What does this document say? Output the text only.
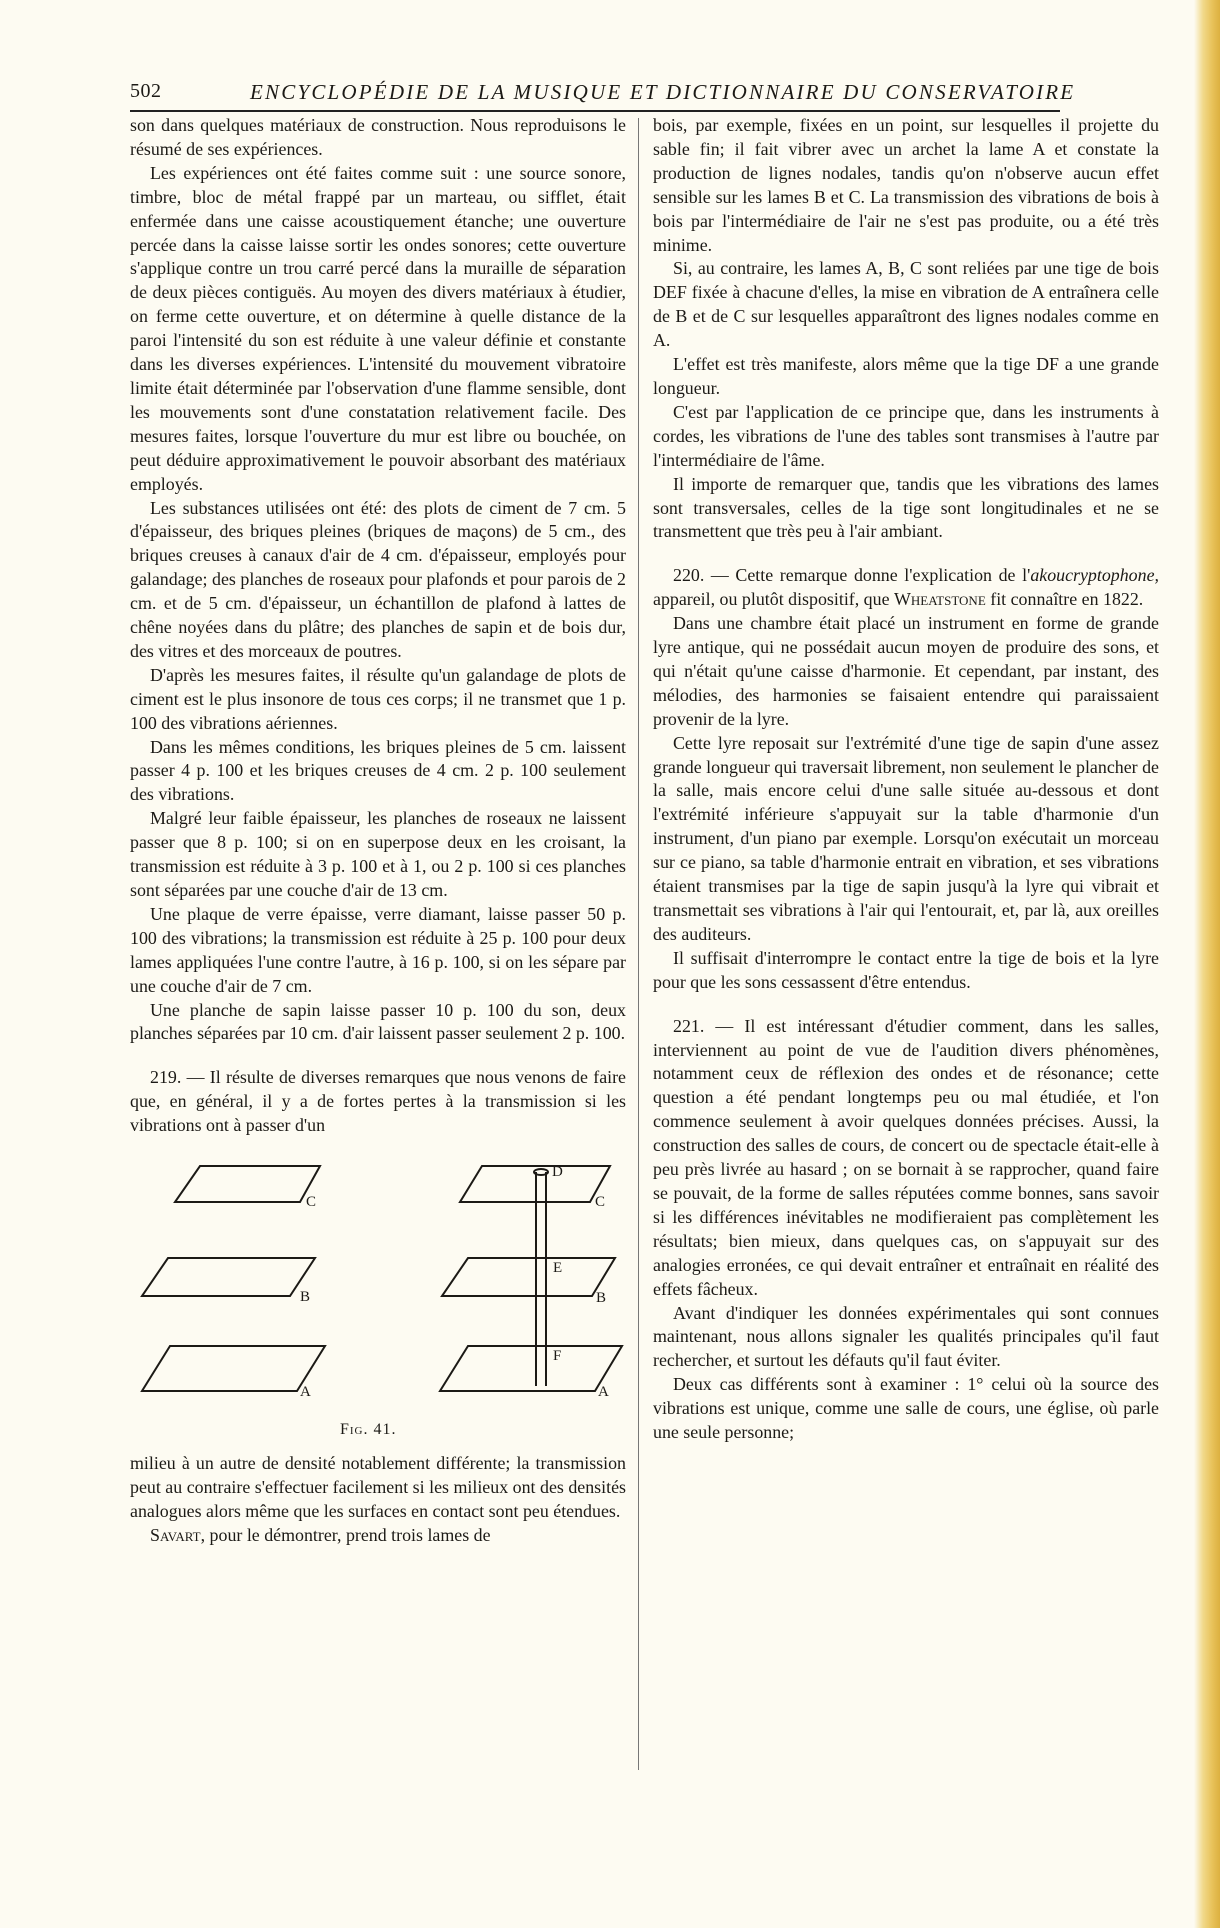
502	ENCYCLOPÉDIE DE LA MUSIQUE ET DICTIONNAIRE DU CONSERVATOIRE

son dans quelques matériaux de construction. Nous reproduisons le résumé de ses expériences.

Les expériences ont été faites comme suit : une source sonore, timbre, bloc de métal frappé par un marteau, ou sifflet, était enfermée dans une caisse acoustiquement étanche; une ouverture percée dans la caisse laisse sortir les ondes sonores; cette ouverture s'applique contre un trou carré percé dans la muraille de séparation de deux pièces contiguës. Au moyen des divers matériaux à étudier, on ferme cette ouverture, et on détermine à quelle distance de la paroi l'intensité du son est réduite à une valeur définie et constante dans les diverses expériences. L'intensité du mouvement vibratoire limite était déterminée par l'observation d'une flamme sensible, dont les mouvements sont d'une constatation relativement facile. Des mesures faites, lorsque l'ouverture du mur est libre ou bouchée, on peut déduire approximativement le pouvoir absorbant des matériaux employés.

Les substances utilisées ont été: des plots de ciment de 7 cm. 5 d'épaisseur, des briques pleines (briques de maçons) de 5 cm., des briques creuses à canaux d'air de 4 cm. d'épaisseur, employés pour galandage; des planches de roseaux pour plafonds et pour parois de 2 cm. et de 5 cm. d'épaisseur, un échantillon de plafond à lattes de chêne noyées dans du plâtre; des planches de sapin et de bois dur, des vitres et des morceaux de poutres.

D'après les mesures faites, il résulte qu'un galandage de plots de ciment est le plus insonore de tous ces corps; il ne transmet que 1 p. 100 des vibrations aériennes.

Dans les mêmes conditions, les briques pleines de 5 cm. laissent passer 4 p. 100 et les briques creuses de 4 cm. 2 p. 100 seulement des vibrations.

Malgré leur faible épaisseur, les planches de roseaux ne laissent passer que 8 p. 100; si on en superpose deux en les croisant, la transmission est réduite à 3 p. 100 et à 1, ou 2 p. 100 si ces planches sont séparées par une couche d'air de 13 cm.

Une plaque de verre épaisse, verre diamant, laisse passer 50 p. 100 des vibrations; la transmission est réduite à 25 p. 100 pour deux lames appliquées l'une contre l'autre, à 16 p. 100, si on les sépare par une couche d'air de 7 cm.

Une planche de sapin laisse passer 10 p. 100 du son, deux planches séparées par 10 cm. d'air laissent passer seulement 2 p. 100.

219. — Il résulte de diverses remarques que nous venons de faire que, en général, il y a de fortes pertes à la transmission si les vibrations ont à passer d'un

C
B
A
D
C
E
B
F
A
Fig. 41.

milieu à un autre de densité notablement différente; la transmission peut au contraire s'effectuer facilement si les milieux ont des densités analogues alors même que les surfaces en contact sont peu étendues.

Savart, pour le démontrer, prend trois lames de

bois, par exemple, fixées en un point, sur lesquelles il projette du sable fin; il fait vibrer avec un archet la lame A et constate la production de lignes nodales, tandis qu'on n'observe aucun effet sensible sur les lames B et C. La transmission des vibrations de bois à bois par l'intermédiaire de l'air ne s'est pas produite, ou a été très minime.

Si, au contraire, les lames A, B, C sont reliées par une tige de bois DEF fixée à chacune d'elles, la mise en vibration de A entraînera celle de B et de C sur lesquelles apparaîtront des lignes nodales comme en A.

L'effet est très manifeste, alors même que la tige DF a une grande longueur.

C'est par l'application de ce principe que, dans les instruments à cordes, les vibrations de l'une des tables sont transmises à l'autre par l'intermédiaire de l'âme.

Il importe de remarquer que, tandis que les vibrations des lames sont transversales, celles de la tige sont longitudinales et ne se transmettent que très peu à l'air ambiant.

220. — Cette remarque donne l'explication de l'akoucryptophone, appareil, ou plutôt dispositif, que Wheatstone fit connaître en 1822.

Dans une chambre était placé un instrument en forme de grande lyre antique, qui ne possédait aucun moyen de produire des sons, et qui n'était qu'une caisse d'harmonie. Et cependant, par instant, des mélodies, des harmonies se faisaient entendre qui paraissaient provenir de la lyre.

Cette lyre reposait sur l'extrémité d'une tige de sapin d'une assez grande longueur qui traversait librement, non seulement le plancher de la salle, mais encore celui d'une salle située au-dessous et dont l'extrémité inférieure s'appuyait sur la table d'harmonie d'un instrument, d'un piano par exemple. Lorsqu'on exécutait un morceau sur ce piano, sa table d'harmonie entrait en vibration, et ses vibrations étaient transmises par la tige de sapin jusqu'à la lyre qui vibrait et transmettait ses vibrations à l'air qui l'entourait, et, par là, aux oreilles des auditeurs.

Il suffisait d'interrompre le contact entre la tige de bois et la lyre pour que les sons cessassent d'être entendus.

221. — Il est intéressant d'étudier comment, dans les salles, interviennent au point de vue de l'audition divers phénomènes, notamment ceux de réflexion des ondes et de résonance; cette question a été pendant longtemps peu ou mal étudiée, et l'on commence seulement à avoir quelques données précises. Aussi, la construction des salles de cours, de concert ou de spectacle était-elle à peu près livrée au hasard ; on se bornait à se rapprocher, quand faire se pouvait, de la forme de salles réputées comme bonnes, sans savoir si les différences inévitables ne modifieraient pas complètement les résultats; bien mieux, dans quelques cas, on s'appuyait sur des analogies erronées, ce qui devait entraîner et entraînait en réalité des effets fâcheux.

Avant d'indiquer les données expérimentales qui sont connues maintenant, nous allons signaler les qualités principales qu'il faut rechercher, et surtout les défauts qu'il faut éviter.

Deux cas différents sont à examiner : 1° celui où la source des vibrations est unique, comme une salle de cours, une église, où parle une seule personne;
